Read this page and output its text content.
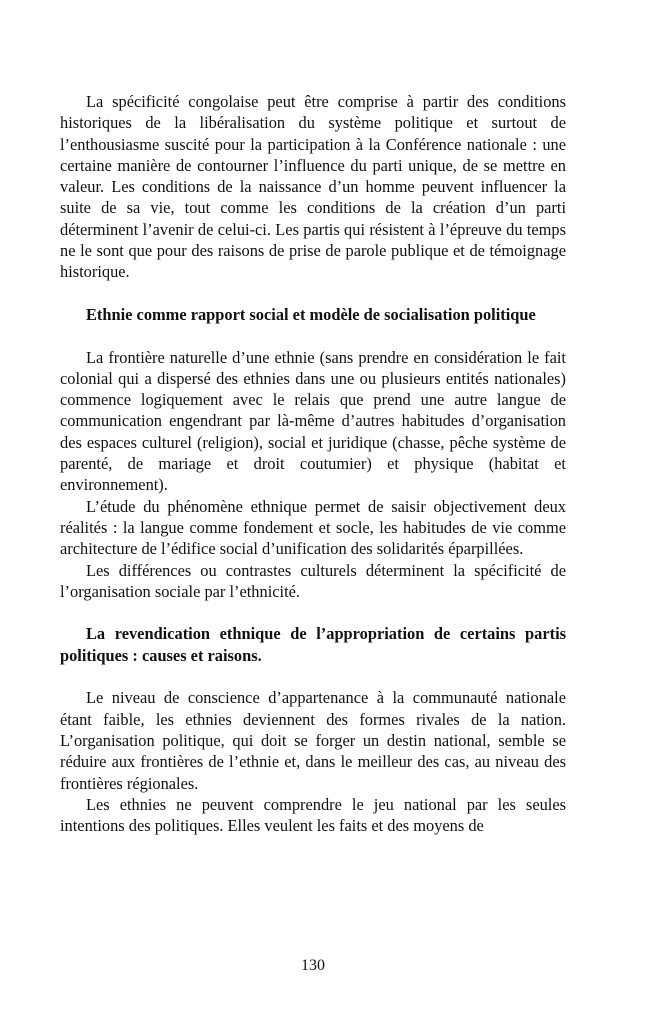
La spécificité congolaise peut être comprise à partir des conditions historiques de la libéralisation du système politique et surtout de l’enthousiasme suscité pour la participation à la Conférence nationale : une certaine manière de contourner l’influence du parti unique, de se mettre en valeur. Les conditions de la naissance d’un homme peuvent influencer la suite de sa vie, tout comme les conditions de la création d’un parti déterminent l’avenir de celui-ci. Les partis qui résistent à l’épreuve du temps ne le sont que pour des raisons de prise de parole publique et de témoignage historique.

Ethnie comme rapport social et modèle de socialisation politique

La frontière naturelle d’une ethnie (sans prendre en considération le fait colonial qui a dispersé des ethnies dans une ou plusieurs entités nationales) commence logiquement avec le relais que prend une autre langue de communication engendrant par là-même d’autres habitudes d’organisation des espaces culturel (religion), social et juridique (chasse, pêche système de parenté, de mariage et droit coutumier) et physique (habitat et environnement).

L’étude du phénomène ethnique permet de saisir objectivement deux réalités : la langue comme fondement et socle, les habitudes de vie comme architecture de l’édifice social d’unification des solidarités éparpillées.

Les différences ou contrastes culturels déterminent la spécificité de l’organisation sociale par l’ethnicité.

La revendication ethnique de l’appropriation de certains partis politiques : causes et raisons.

Le niveau de conscience d’appartenance à la communauté nationale étant faible, les ethnies deviennent des formes rivales de la nation. L’organisation politique, qui doit se forger un destin national, semble se réduire aux frontières de l’ethnie et, dans le meilleur des cas, au niveau des frontières régionales.

Les ethnies ne peuvent comprendre le jeu national par les seules intentions des politiques. Elles veulent les faits et des moyens de

130
